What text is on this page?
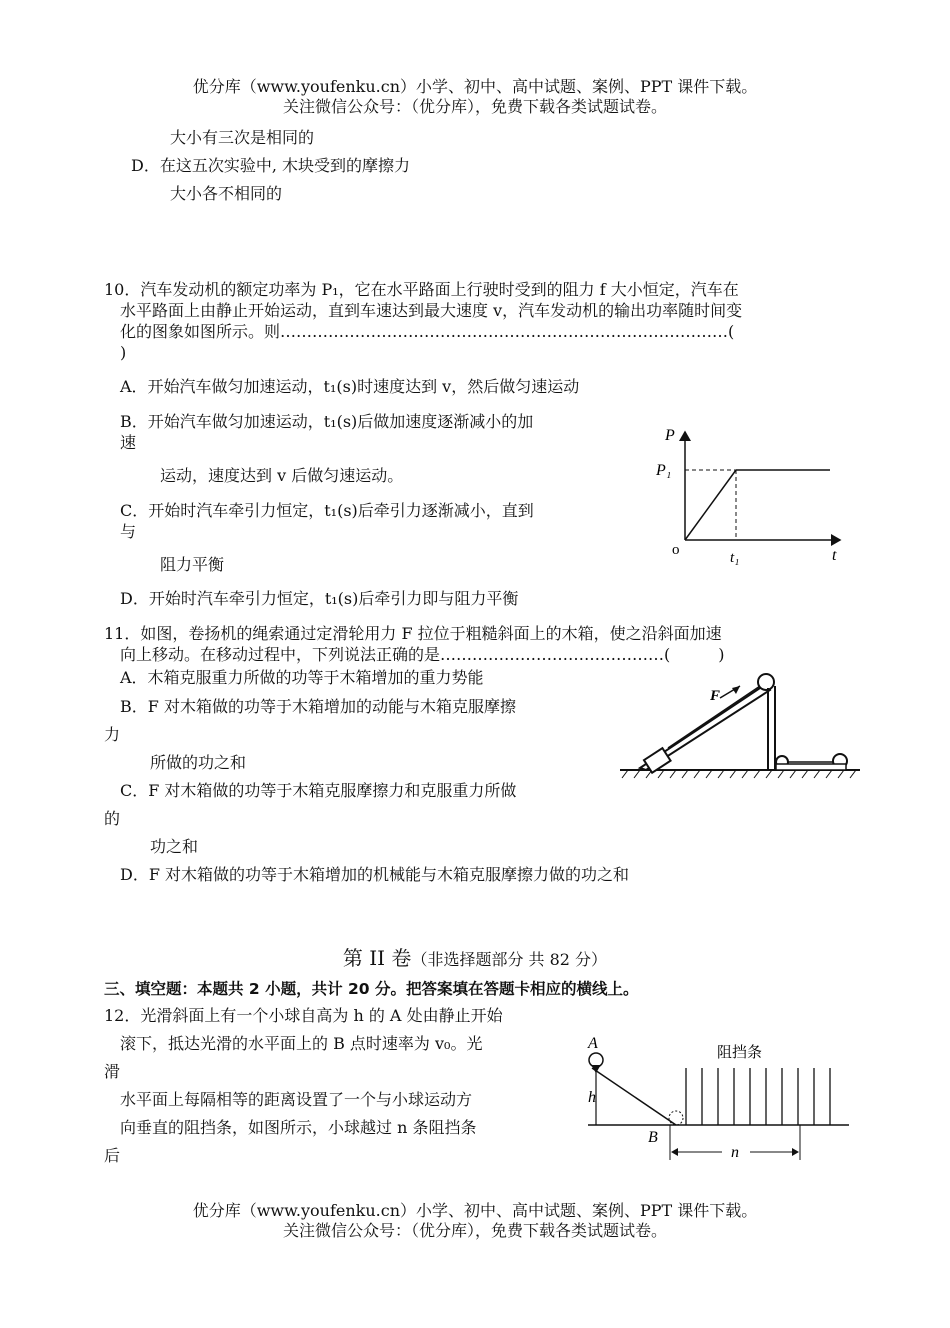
优分库（www.youfenku.cn）小学、初中、高中试题、案例、PPT 课件下载。
关注微信公众号：（优分库），免费下载各类试题试卷。
大小有三次是相同的
D．在这五次实验中, 木块受到的摩擦力
大小各不相同的
10．汽车发动机的额定功率为 P₁，它在水平路面上行驶时受到的阻力 f 大小恒定，汽车在
水平路面上由静止开始运动，直到车速达到最大速度 v，汽车发动机的输出功率随时间变
化的图象如图所示。则…………………………………………………………………………(
)
A．开始汽车做匀加速运动，t₁(s)时速度达到 v，然后做匀速运动
B．开始汽车做匀加速运动，t₁(s)后做加速度逐渐减小的加
速
运动，速度达到 v 后做匀速运动。
C．开始时汽车牵引力恒定，t₁(s)后牵引力逐渐减小，直到
与
阻力平衡
D．开始时汽车牵引力恒定，t₁(s)后牵引力即与阻力平衡
P
P₁
o	t₁	t
11．如图，卷扬机的绳索通过定滑轮用力 F 拉位于粗糙斜面上的木箱，使之沿斜面加速
向上移动。在移动过程中，下列说法正确的是……………………………………(　　　)
A．木箱克服重力所做的功等于木箱增加的重力势能
B．F 对木箱做的功等于木箱增加的动能与木箱克服摩擦
力
所做的功之和
C．F 对木箱做的功等于木箱克服摩擦力和克服重力所做
的
功之和
D．F 对木箱做的功等于木箱增加的机械能与木箱克服摩擦力做的功之和
F
第 II 卷（非选择题部分 共 82 分）
三、填空题：本题共 2 小题，共计 20 分。把答案填在答题卡相应的横线上。
12．光滑斜面上有一个小球自高为 h 的 A 处由静止开始
滚下，抵达光滑的水平面上的 B 点时速率为 v₀。光
滑
水平面上每隔相等的距离设置了一个与小球运动方
向垂直的阻挡条，如图所示，小球越过 n 条阻挡条
后
A
h
B
阻挡条
n
优分库（www.youfenku.cn）小学、初中、高中试题、案例、PPT 课件下载。
关注微信公众号：（优分库），免费下载各类试题试卷。
